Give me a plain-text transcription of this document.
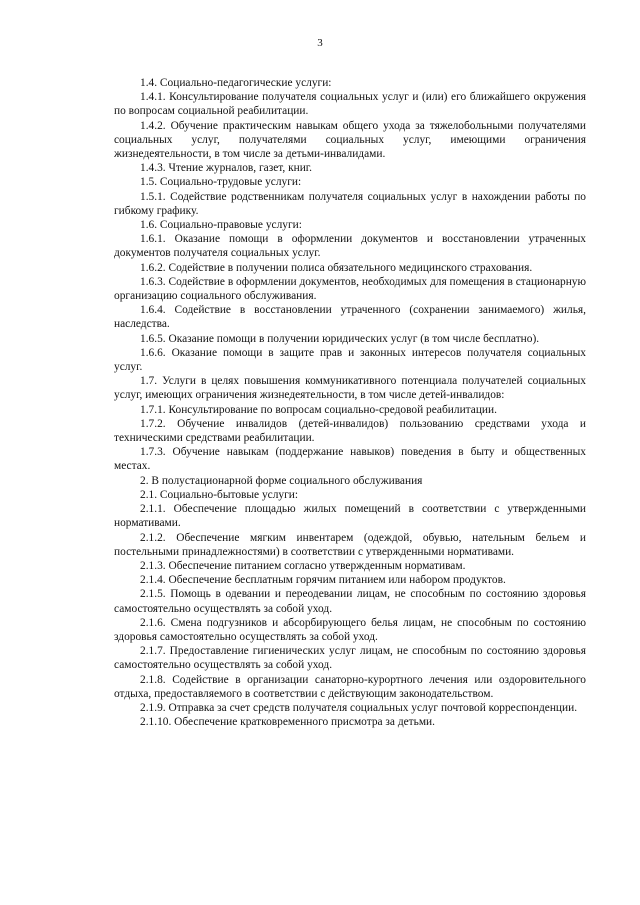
3

1.4. Социально-педагогические услуги:

1.4.1. Консультирование получателя социальных услуг и (или) его ближайшего окружения по вопросам социальной реабилитации.

1.4.2. Обучение практическим навыкам общего ухода за тяжелобольными получателями социальных услуг, получателями социальных услуг, имеющими ограничения жизнедеятельности, в том числе за детьми-инвалидами.

1.4.3. Чтение журналов, газет, книг.

1.5. Социально-трудовые услуги:

1.5.1. Содействие родственникам получателя социальных услуг в нахождении работы по гибкому графику.

1.6. Социально-правовые услуги:

1.6.1. Оказание помощи в оформлении документов и восстановлении утраченных документов получателя социальных услуг.

1.6.2. Содействие в получении полиса обязательного медицинского страхования.

1.6.3. Содействие в оформлении документов, необходимых для помещения в стационарную организацию социального обслуживания.

1.6.4. Содействие в восстановлении утраченного (сохранении занимаемого) жилья, наследства.

1.6.5. Оказание помощи в получении юридических услуг (в том числе бесплатно).

1.6.6. Оказание помощи в защите прав и законных интересов получателя социальных услуг.

1.7. Услуги в целях повышения коммуникативного потенциала получателей социальных услуг, имеющих ограничения жизнедеятельности, в том числе детей-инвалидов:

1.7.1. Консультирование по вопросам социально-средовой реабилитации.

1.7.2. Обучение инвалидов (детей-инвалидов) пользованию средствами ухода и техническими средствами реабилитации.

1.7.3. Обучение навыкам (поддержание навыков) поведения в быту и общественных местах.

2. В полустационарной форме социального обслуживания

2.1. Социально-бытовые услуги:

2.1.1. Обеспечение площадью жилых помещений в соответствии с утвержденными нормативами.

2.1.2. Обеспечение мягким инвентарем (одеждой, обувью, нательным бельем и постельными принадлежностями) в соответствии с утвержденными нормативами.

2.1.3. Обеспечение питанием согласно утвержденным нормативам.

2.1.4. Обеспечение бесплатным горячим питанием или набором продуктов.

2.1.5. Помощь в одевании и переодевании лицам, не способным по состоянию здоровья самостоятельно осуществлять за собой уход.

2.1.6. Смена подгузников и абсорбирующего белья лицам, не способным по состоянию здоровья самостоятельно осуществлять за собой уход.

2.1.7. Предоставление гигиенических услуг лицам, не способным по состоянию здоровья самостоятельно осуществлять за собой уход.

2.1.8. Содействие в организации санаторно-курортного лечения или оздоровительного отдыха, предоставляемого в соответствии с действующим законодательством.

2.1.9. Отправка за счет средств получателя социальных услуг почтовой корреспонденции.

2.1.10. Обеспечение кратковременного присмотра за детьми.
